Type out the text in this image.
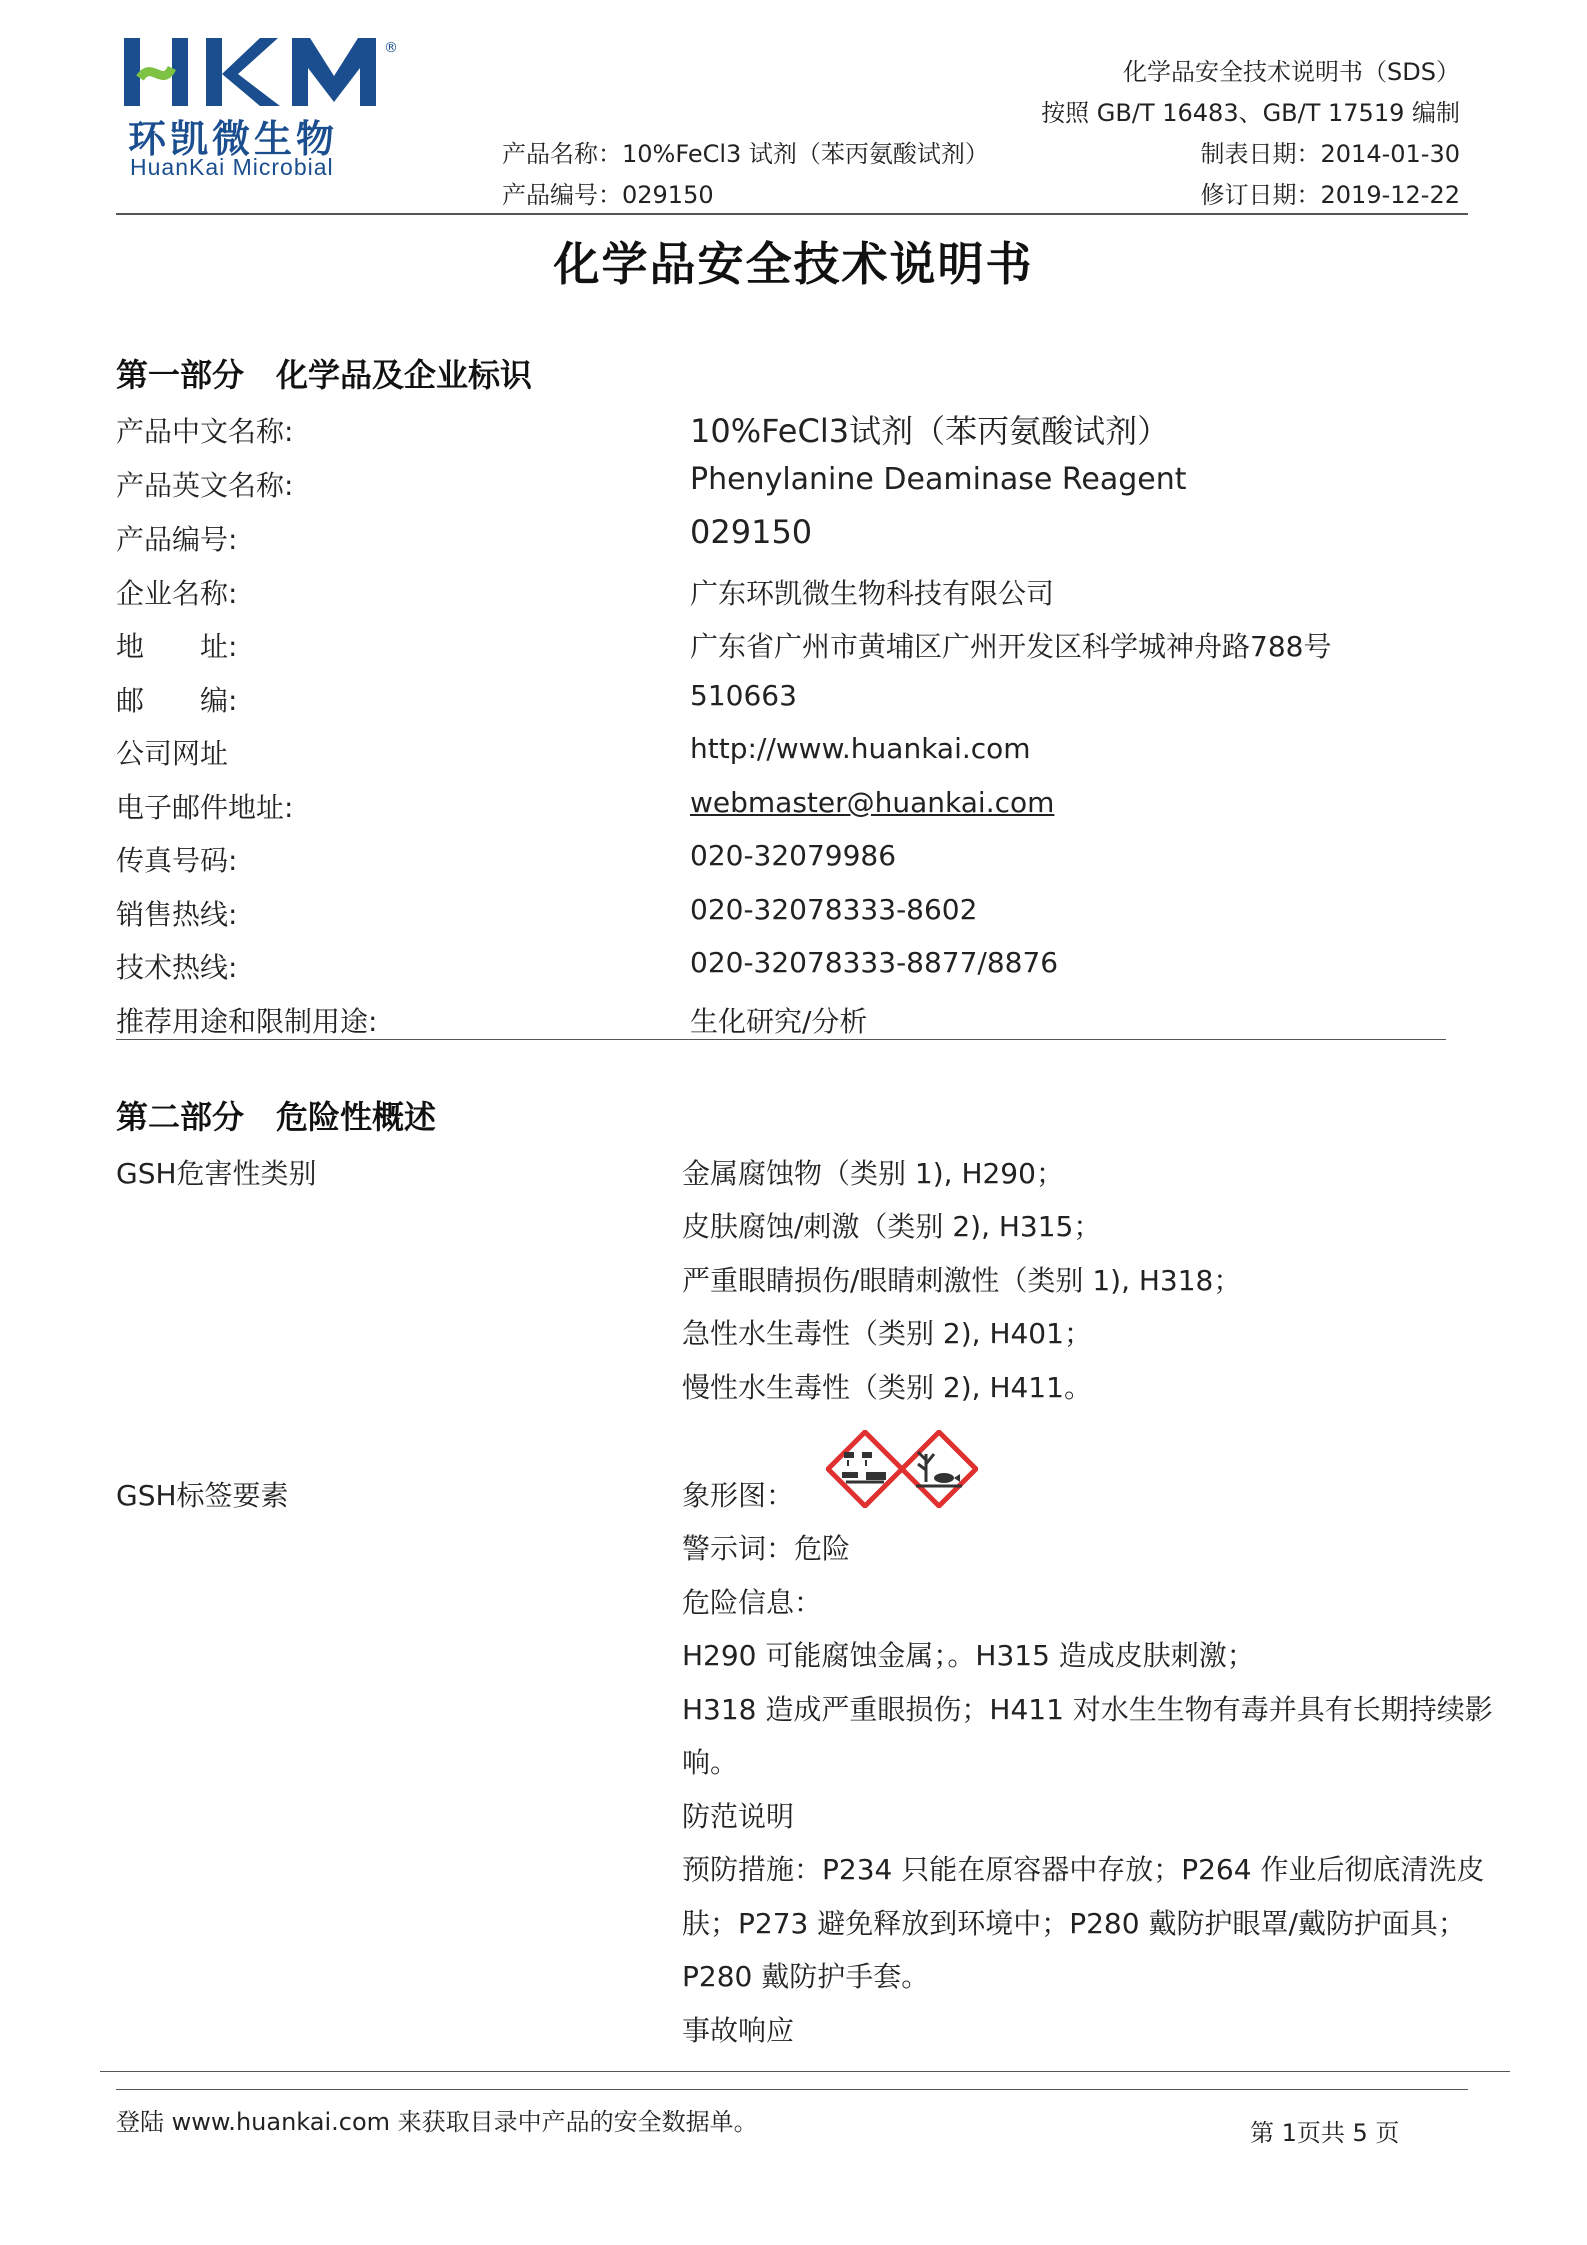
®
环凯微生物
HuanKai Microbial	产品名称：10%FeCl3 试剂（苯丙氨酸试剂）
产品编号：029150
化学品安全技术说明书（SDS）
按照 GB/T 16483、GB/T 17519 编制
制表日期：2014-01-30
修订日期：2019-12-22
化学品安全技术说明书
第一部分　化学品及企业标识
产品中文名称:	10%FeCl3试剂（苯丙氨酸试剂）
产品英文名称:	Phenylanine Deaminase Reagent
产品编号:	029150
企业名称:	广东环凯微生物科技有限公司
地　　址:	广东省广州市黄埔区广州开发区科学城神舟路788号
邮　　编:	510663
公司网址	http://www.huankai.com
电子邮件地址:	webmaster@huankai.com
传真号码:	020-32079986
销售热线:	020-32078333-8602
技术热线:	020-32078333-8877/8876
推荐用途和限制用途:	生化研究/分析
第二部分　危险性概述
GSH危害性类别	金属腐蚀物（类别 1), H290；
皮肤腐蚀/刺激（类别 2), H315；
严重眼睛损伤/眼睛刺激性（类别 1), H318；
急性水生毒性（类别 2), H401；
慢性水生毒性（类别 2), H411。
GSH标签要素	象形图：
警示词：危险
危险信息：
H290 可能腐蚀金属；。H315 造成皮肤刺激；
H318 造成严重眼损伤；H411 对水生生物有毒并具有长期持续影
响。
防范说明
预防措施：P234 只能在原容器中存放；P264 作业后彻底清洗皮
肤；P273 避免释放到环境中；P280 戴防护眼罩/戴防护面具；
P280 戴防护手套。
事故响应
登陆 www.huankai.com 来获取目录中产品的安全数据单。	第 1页共 5 页
